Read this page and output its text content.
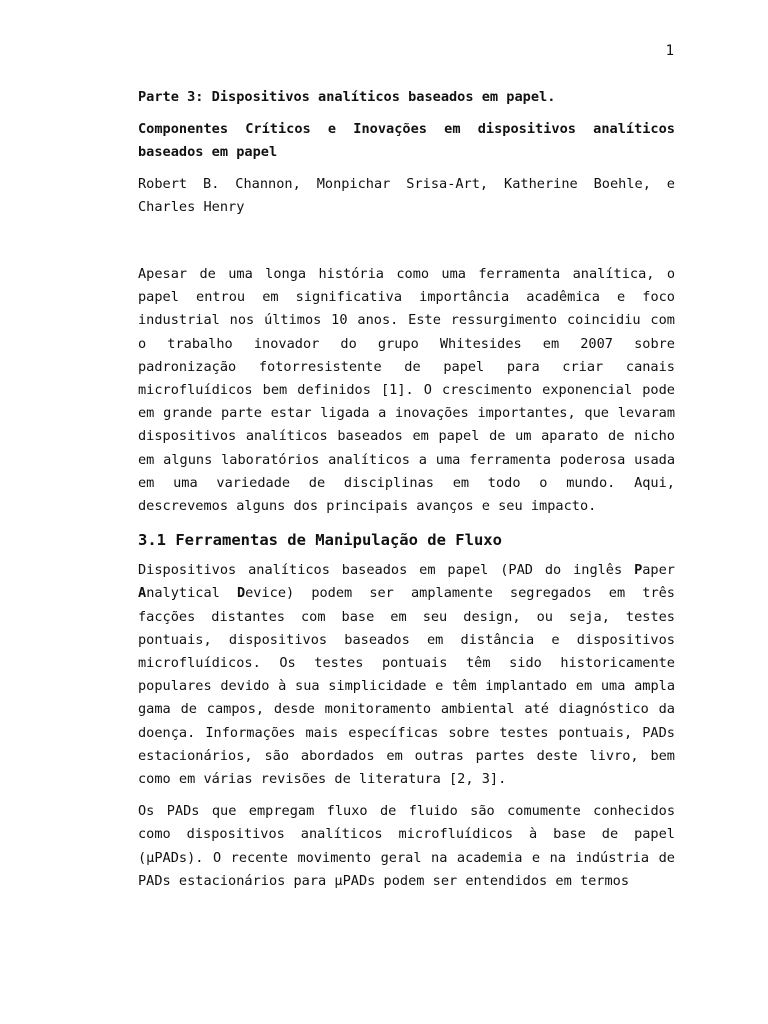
1
Parte 3: Dispositivos analíticos baseados em papel.
Componentes Críticos e Inovações em dispositivos analíticos baseados em papel
Robert B. Channon, Monpichar Srisa-Art, Katherine Boehle, e Charles Henry

Apesar de uma longa história como uma ferramenta analítica, o papel entrou em significativa importância acadêmica e foco industrial nos últimos 10 anos. Este ressurgimento coincidiu com o trabalho inovador do grupo Whitesides em 2007 sobre padronização fotorresistente de papel para criar canais microfluídicos bem definidos [1]. O crescimento exponencial pode em grande parte estar ligada a inovações importantes, que levaram dispositivos analíticos baseados em papel de um aparato de nicho em alguns laboratórios analíticos a uma ferramenta poderosa usada em uma variedade de disciplinas em todo o mundo. Aqui, descrevemos alguns dos principais avanços e seu impacto.

3.1 Ferramentas de Manipulação de Fluxo

Dispositivos analíticos baseados em papel (PAD do inglês Paper Analytical Device) podem ser amplamente segregados em três facções distantes com base em seu design, ou seja, testes pontuais, dispositivos baseados em distância e dispositivos microfluídicos. Os testes pontuais têm sido historicamente populares devido à sua simplicidade e têm implantado em uma ampla gama de campos, desde monitoramento ambiental até diagnóstico da doença. Informações mais específicas sobre testes pontuais, PADs estacionários, são abordados em outras partes deste livro, bem como em várias revisões de literatura [2, 3].

Os PADs que empregam fluxo de fluido são comumente conhecidos como dispositivos analíticos microfluídicos à base de papel (µPADs). O recente movimento geral na academia e na indústria de PADs estacionários para µPADs podem ser entendidos em termos
